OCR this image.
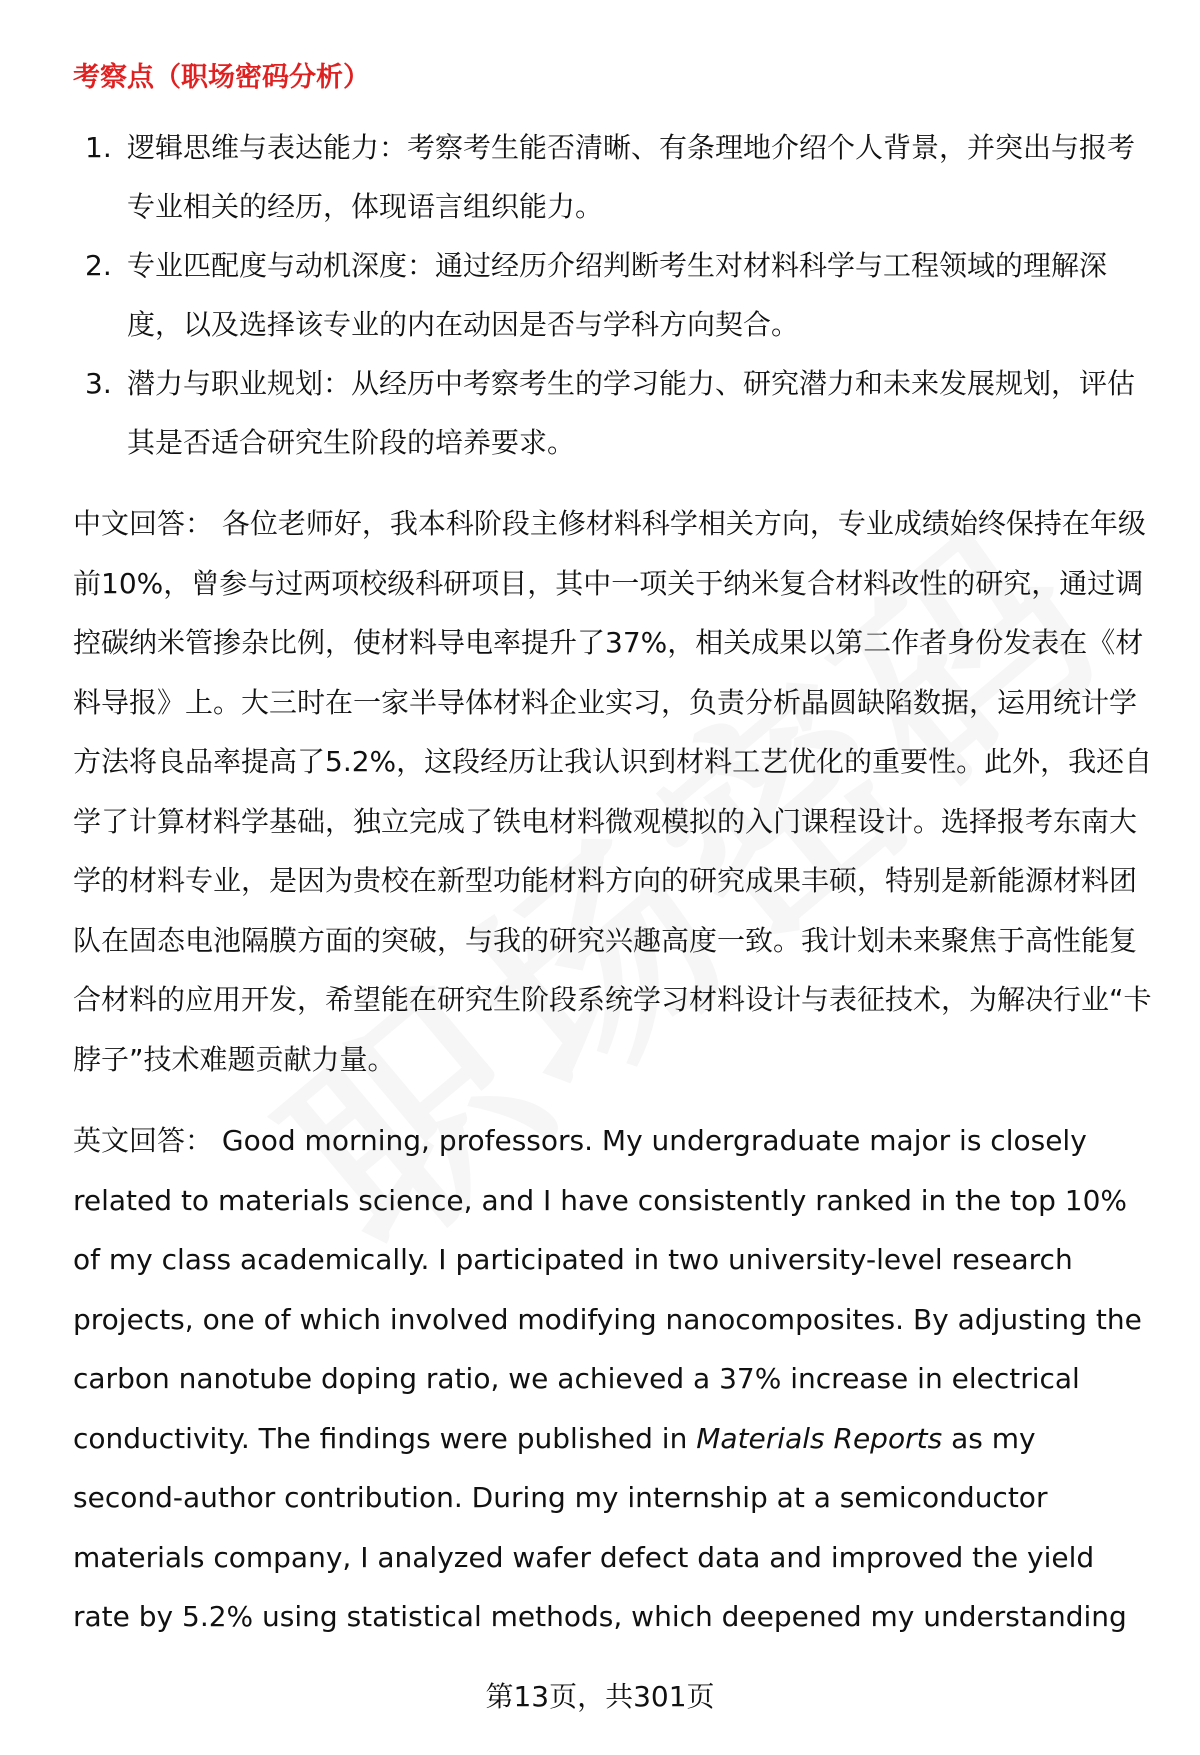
考察点（职场密码分析）
1. 逻辑思维与表达能力：考察考生能否清晰、有条理地介绍个人背景，并突出与报考专业相关的经历，体现语言组织能力。
2. 专业匹配度与动机深度：通过经历介绍判断考生对材料科学与工程领域的理解深度，以及选择该专业的内在动因是否与学科方向契合。
3. 潜力与职业规划：从经历中考察考生的学习能力、研究潜力和未来发展规划，评估其是否适合研究生阶段的培养要求。

中文回答： 各位老师好，我本科阶段主修材料科学相关方向，专业成绩始终保持在年级前10%，曾参与过两项校级科研项目，其中一项关于纳米复合材料改性的研究，通过调控碳纳米管掺杂比例，使材料导电率提升了37%，相关成果以第二作者身份发表在《材料导报》上。大三时在一家半导体材料企业实习，负责分析晶圆缺陷数据，运用统计学方法将良品率提高了5.2%，这段经历让我认识到材料工艺优化的重要性。此外，我还自学了计算材料学基础，独立完成了铁电材料微观模拟的入门课程设计。选择报考东南大学的材料专业，是因为贵校在新型功能材料方向的研究成果丰硕，特别是新能源材料团队在固态电池隔膜方面的突破，与我的研究兴趣高度一致。我计划未来聚焦于高性能复合材料的应用开发，希望能在研究生阶段系统学习材料设计与表征技术，为解决行业“卡脖子”技术难题贡献力量。

英文回答： Good morning, professors. My undergraduate major is closely related to materials science, and I have consistently ranked in the top 10% of my class academically. I participated in two university-level research projects, one of which involved modifying nanocomposites. By adjusting the carbon nanotube doping ratio, we achieved a 37% increase in electrical conductivity. The findings were published in Materials Reports as my second-author contribution. During my internship at a semiconductor materials company, I analyzed wafer defect data and improved the yield rate by 5.2% using statistical methods, which deepened my understanding

第13页，共301页
